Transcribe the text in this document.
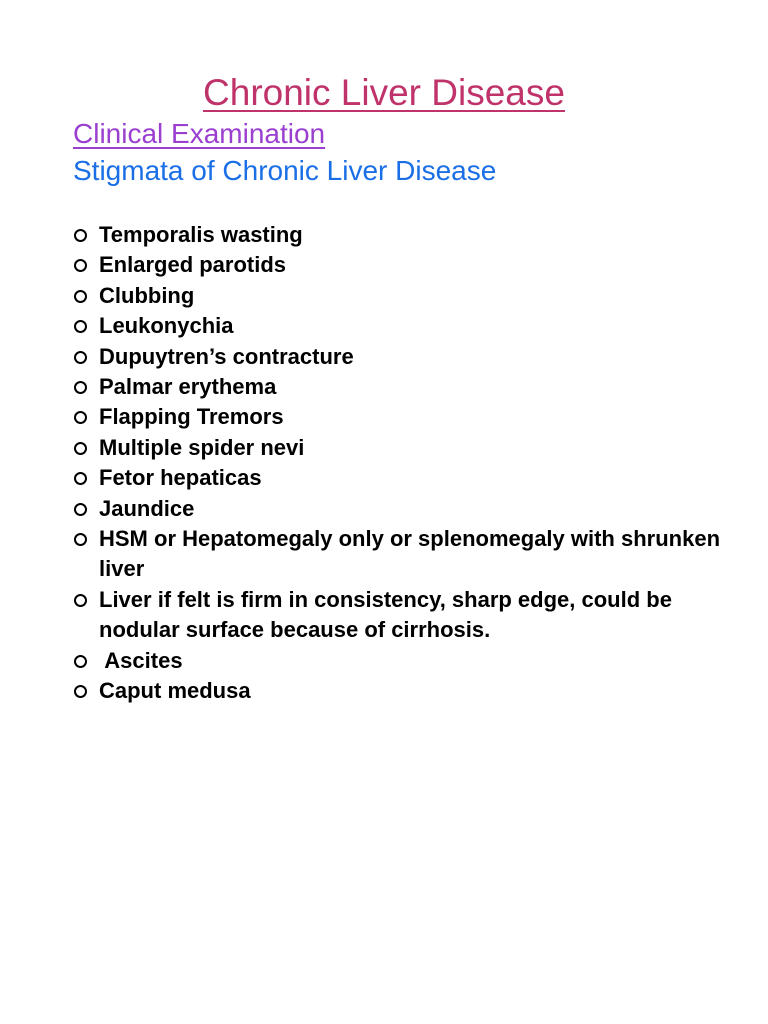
Chronic Liver Disease
Clinical Examination
Stigmata of Chronic Liver Disease
Temporalis wasting
Enlarged parotids
Clubbing
Leukonychia
Dupuytren’s contracture
Palmar erythema
Flapping Tremors
Multiple spider nevi
Fetor hepaticas
Jaundice
HSM or Hepatomegaly only or splenomegaly with shrunken liver
Liver if felt is firm in consistency, sharp edge, could be nodular surface because of cirrhosis.
Ascites
Caput medusa
